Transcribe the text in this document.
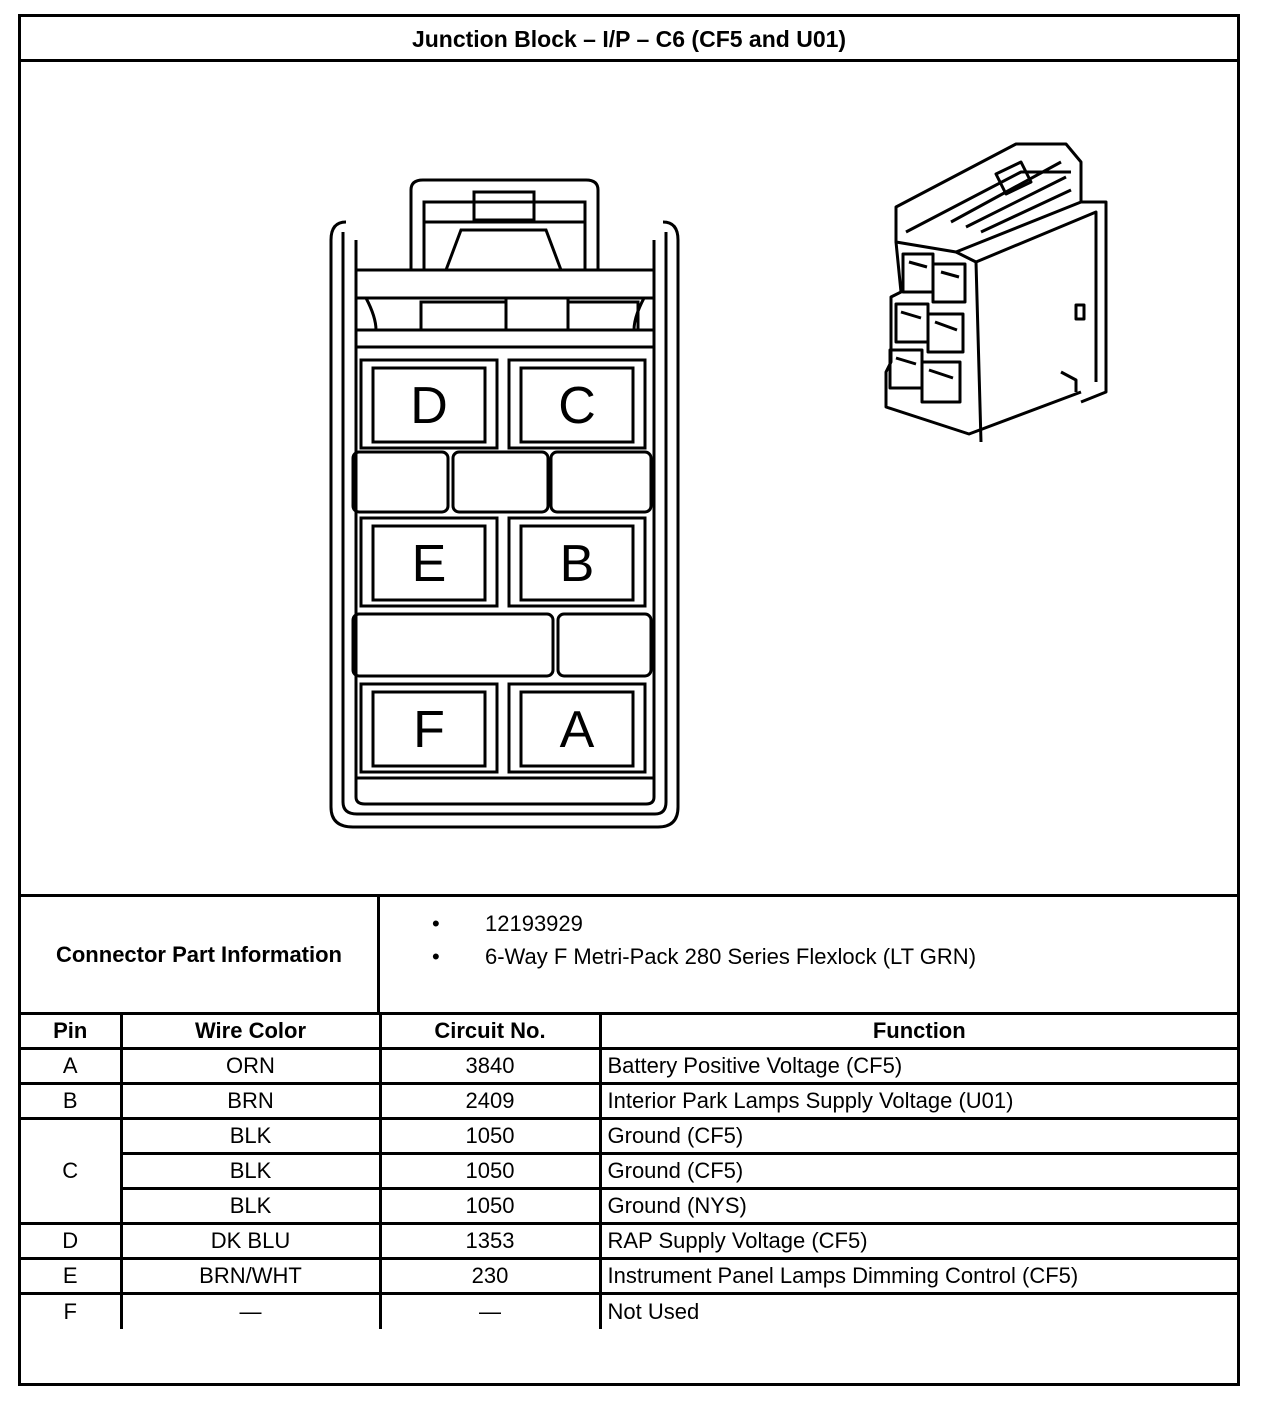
Junction Block – I/P – C6 (CF5 and U01)
D C
E B
F A
Connector Part Information
• 12193929
• 6-Way F Metri-Pack 280 Series Flexlock (LT GRN)
Pin	Wire Color	Circuit No.	Function
A	ORN	3840	Battery Positive Voltage (CF5)
B	BRN	2409	Interior Park Lamps Supply Voltage (U01)
C	BLK	1050	Ground (CF5)
	BLK	1050	Ground (CF5)
	BLK	1050	Ground (NYS)
D	DK BLU	1353	RAP Supply Voltage (CF5)
E	BRN/WHT	230	Instrument Panel Lamps Dimming Control (CF5)
F	—	—	Not Used
